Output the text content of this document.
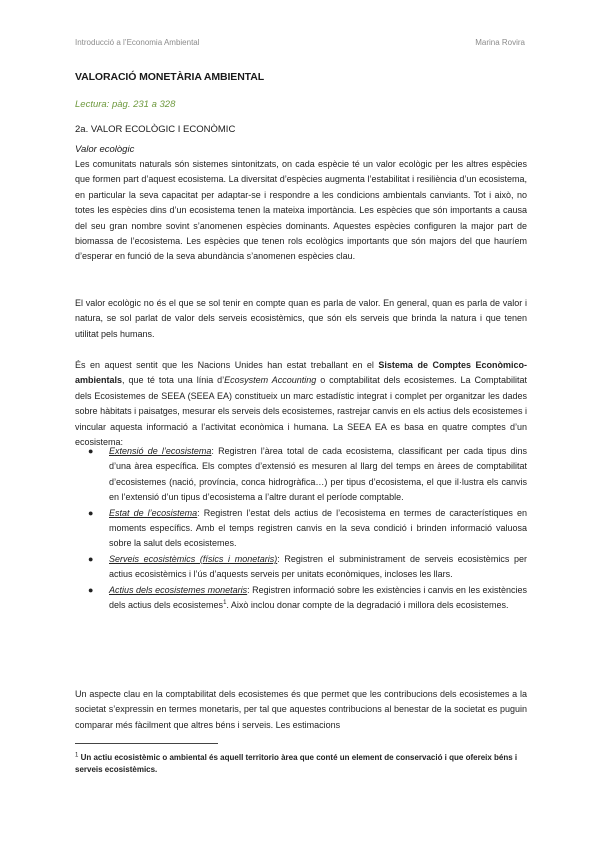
Introducció a l’Economia Ambiental	Marina Rovira
VALORACIÓ MONETÀRIA AMBIENTAL
Lectura: pàg. 231 a 328
2a. VALOR ECOLÒGIC I ECONÒMIC
Valor ecològic
Les comunitats naturals són sistemes sintonitzats, on cada espècie té un valor ecològic per les altres espècies que formen part d’aquest ecosistema. La diversitat d’espècies augmenta l’estabilitat i resiliència d’un ecosistema, en particular la seva capacitat per adaptar-se i respondre a les condicions ambientals canviants. Tot i això, no totes les espècies dins d’un ecosistema tenen la mateixa importància. Les espècies que són importants a causa del seu gran nombre sovint s’anomenen espècies dominants. Aquestes espècies configuren la major part de biomassa de l’ecosistema. Les espècies que tenen rols ecològics importants que són majors del que hauríem d’esperar en funció de la seva abundància s’anomenen espècies clau.
El valor ecològic no és el que se sol tenir en compte quan es parla de valor. En general, quan es parla de valor i natura, se sol parlat de valor dels serveis ecosistèmics, que són els serveis que brinda la natura i que tenen utilitat pels humans.
És en aquest sentit que les Nacions Unides han estat treballant en el Sistema de Comptes Econòmico-ambientals, que té tota una línia d’Ecosystem Accounting o comptabilitat dels ecosistemes. La Comptabilitat dels Ecosistemes de SEEA (SEEA EA) constitueix un marc estadístic integrat i complet per organitzar les dades sobre hàbitats i paisatges, mesurar els serveis dels ecosistemes, rastrejar canvis en els actius dels ecosistemes i vincular aquesta informació a l’activitat econòmica i humana. La SEEA EA es basa en quatre comptes d’un ecosistema:
● Extensió de l’ecosistema: Registren l’àrea total de cada ecosistema, classificant per cada tipus dins d’una àrea específica. Els comptes d’extensió es mesuren al llarg del temps en àrees de comptabilitat d’ecosistemes (nació, província, conca hidrogràfica…) per tipus d’ecosistema, el que il·lustra els canvis en l’extensió d’un tipus d’ecosistema a l’altre durant el període comptable.
● Estat de l’ecosistema: Registren l’estat dels actius de l’ecosistema en termes de característiques en moments específics. Amb el temps registren canvis en la seva condició i brinden informació valuosa sobre la salut dels ecosistemes.
● Serveis ecosistèmics (físics i monetaris): Registren el subministrament de serveis ecosistèmics per actius ecosistèmics i l’ús d’aquests serveis per unitats econòmiques, incloses les llars.
● Actius dels ecosistemes monetaris: Registren informació sobre les existències i canvis en les existències dels actius dels ecosistemes$^1$. Això inclou donar compte de la degradació i millora dels ecosistemes.
Un aspecte clau en la comptabilitat dels ecosistemes és que permet que les contribucions dels ecosistemes a la societat s’expressin en termes monetaris, per tal que aquestes contribucions al benestar de la societat es puguin comparar més fàcilment que altres béns i serveis. Les estimacions
$^1$ Un actiu ecosistèmic o ambiental és aquell territorio àrea que conté un element de conservació i que ofereix béns i serveis ecosistèmics.
